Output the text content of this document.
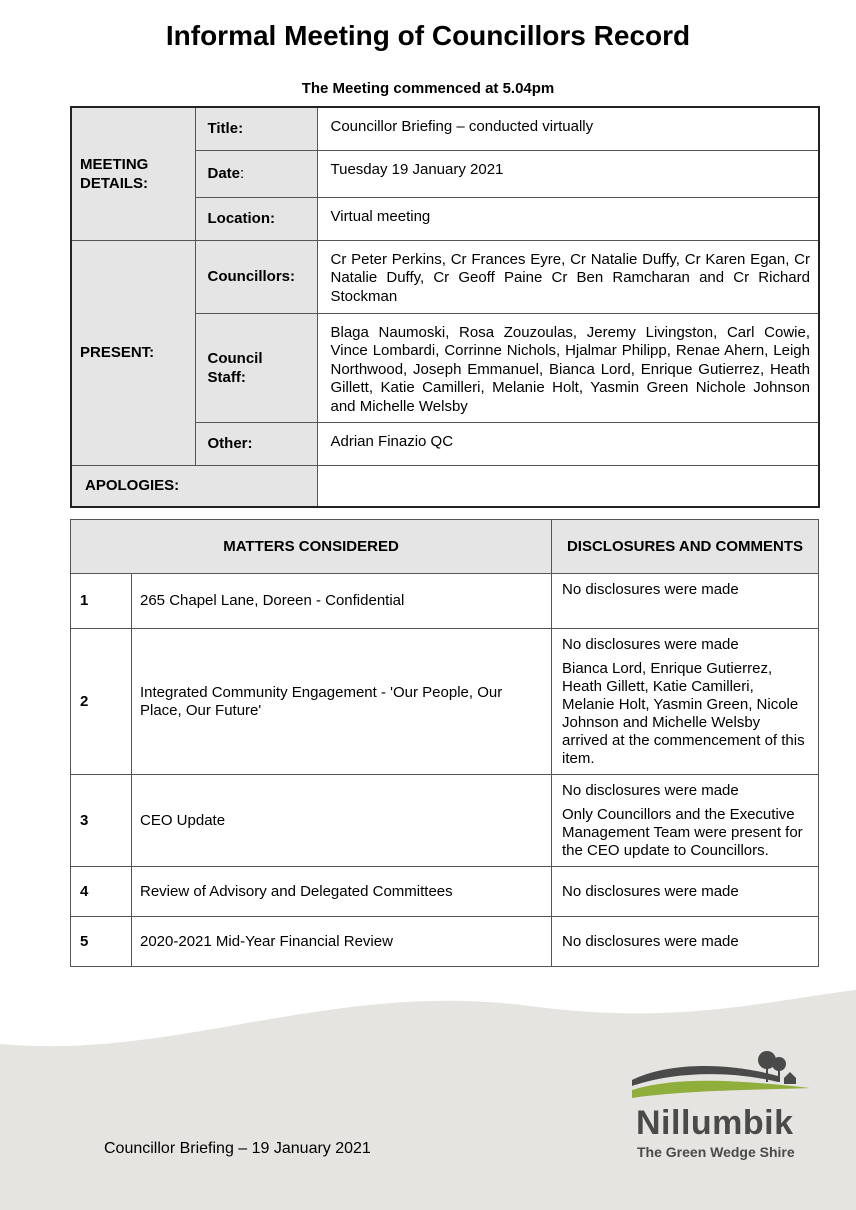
Informal Meeting of Councillors Record
The Meeting commenced at 5.04pm
MEETING DETAILS:	Title:	Councillor Briefing – conducted virtually
	Date:	Tuesday 19 January 2021
	Location:	Virtual meeting
PRESENT:	Councillors:	Cr Peter Perkins, Cr Frances Eyre, Cr Natalie Duffy, Cr Karen Egan, Cr Natalie Duffy, Cr Geoff Paine Cr Ben Ramcharan and Cr Richard Stockman
	Council Staff:	Blaga Naumoski, Rosa Zouzoulas, Jeremy Livingston, Carl Cowie, Vince Lombardi, Corrinne Nichols, Hjalmar Philipp, Renae Ahern, Leigh Northwood, Joseph Emmanuel, Bianca Lord, Enrique Gutierrez, Heath Gillett, Katie Camilleri, Melanie Holt, Yasmin Green Nichole Johnson and Michelle Welsby
	Other:	Adrian Finazio QC
APOLOGIES:		
MATTERS CONSIDERED		DISCLOSURES AND COMMENTS
1	265 Chapel Lane, Doreen - Confidential	No disclosures were made

2	Integrated Community Engagement - 'Our People, Our Place, Our Future'	No disclosures were made

Bianca Lord, Enrique Gutierrez, Heath Gillett, Katie Camilleri, Melanie Holt, Yasmin Green, Nicole Johnson and Michelle Welsby arrived at the commencement of this item.

3	CEO Update	No disclosures were made

Only Councillors and the Executive Management Team were present for the CEO update to Councillors.

4	Review of Advisory and Delegated Committees	No disclosures were made

5	2020-2021 Mid-Year Financial Review	No disclosures were made

Councillor Briefing – 19 January 2021
Nillumbik
The Green Wedge Shire
